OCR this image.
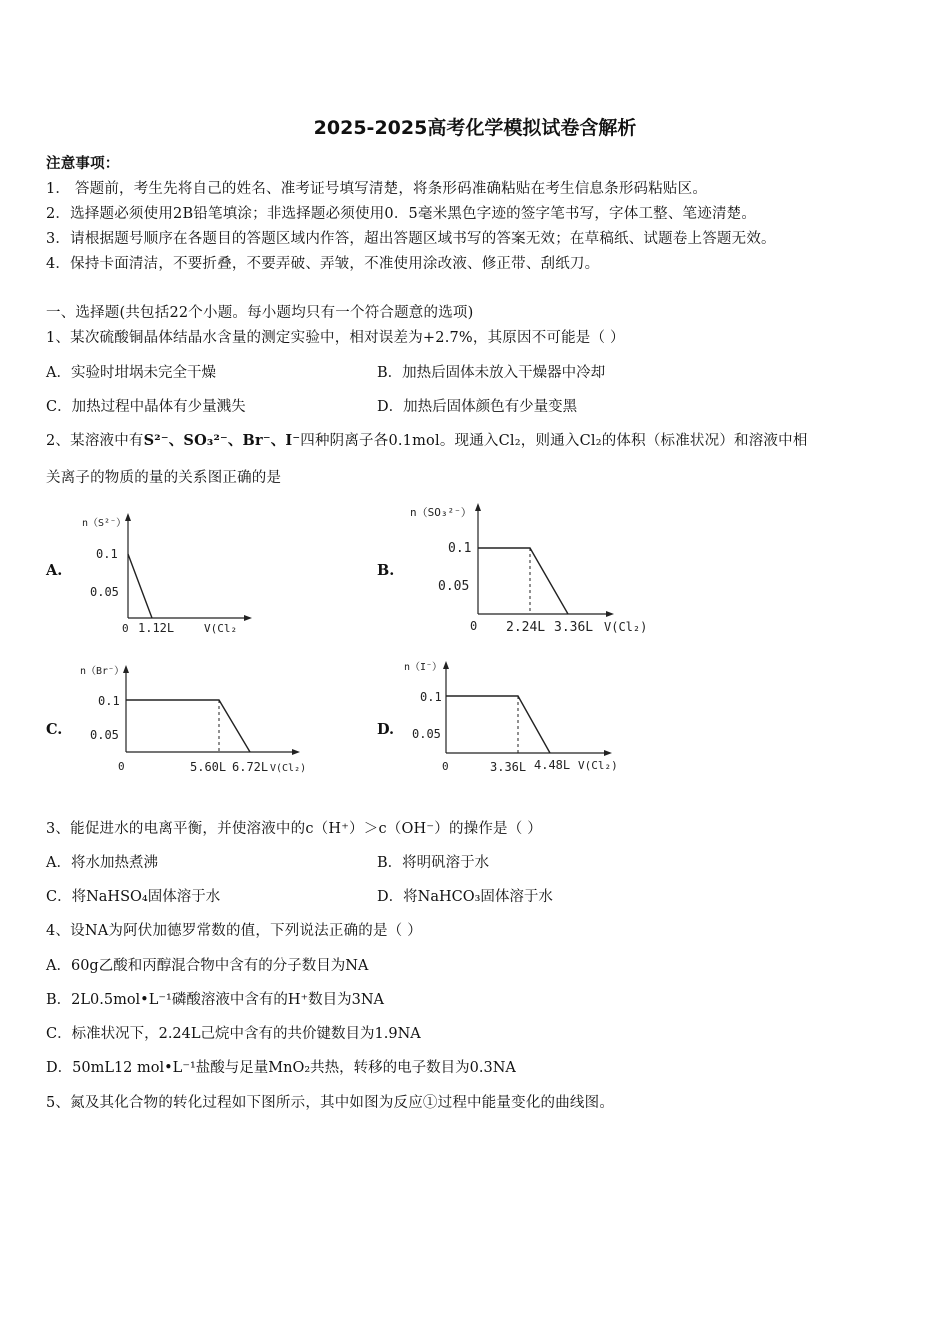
2025-2025高考化学模拟试卷含解析
注意事项：
1． 答题前，考生先将自己的姓名、准考证号填写清楚，将条形码准确粘贴在考生信息条形码粘贴区。
2．选择题必须使用2B铅笔填涂；非选择题必须使用0．5毫米黑色字迹的签字笔书写，字体工整、笔迹清楚。
3．请根据题号顺序在各题目的答题区域内作答，超出答题区域书写的答案无效；在草稿纸、试题卷上答题无效。
4．保持卡面清洁，不要折叠，不要弄破、弄皱，不准使用涂改液、修正带、刮纸刀。
一、选择题(共包括22个小题。每小题均只有一个符合题意的选项)
1、某次硫酸铜晶体结晶水含量的测定实验中，相对误差为+2.7%，其原因不可能是（ ）
A．实验时坩埚未完全干燥	B．加热后固体未放入干燥器中冷却
C．加热过程中晶体有少量溅失	D．加热后固体颜色有少量变黑
2、某溶液中有S²⁻、SO₃²⁻、Br⁻、I⁻四种阴离子各0.1mol。现通入Cl₂，则通入Cl₂的体积（标准状况）和溶液中相
关离子的物质的量的关系图正确的是
A.	B.
C.	D.
n（S²⁻）
0.1
0.05
0 1.12L	V(Cl₂
n（SO₃²⁻）
0.1
0.05
0 2.24L 3.36L V(Cl₂)
n（Br⁻）
0.1
0.05
0	5.60L 6.72L V(Cl₂)
n（I⁻）
0.1
0.05
0	3.36L 4.48L V(Cl₂)
3、能促进水的电离平衡，并使溶液中的c（H⁺）＞c（OH⁻）的操作是（ ）
A．将水加热煮沸	B．将明矾溶于水
C．将NaHSO₄固体溶于水	D．将NaHCO₃固体溶于水
4、设NA为阿伏加德罗常数的值，下列说法正确的是（ ）
A．60g乙酸和丙醇混合物中含有的分子数目为NA
B．2L0.5mol•L⁻¹磷酸溶液中含有的H⁺数目为3NA
C．标准状况下，2.24L己烷中含有的共价键数目为1.9NA
D．50mL12 mol•L⁻¹盐酸与足量MnO₂共热，转移的电子数目为0.3NA
5、氮及其化合物的转化过程如下图所示，其中如图为反应①过程中能量变化的曲线图。
